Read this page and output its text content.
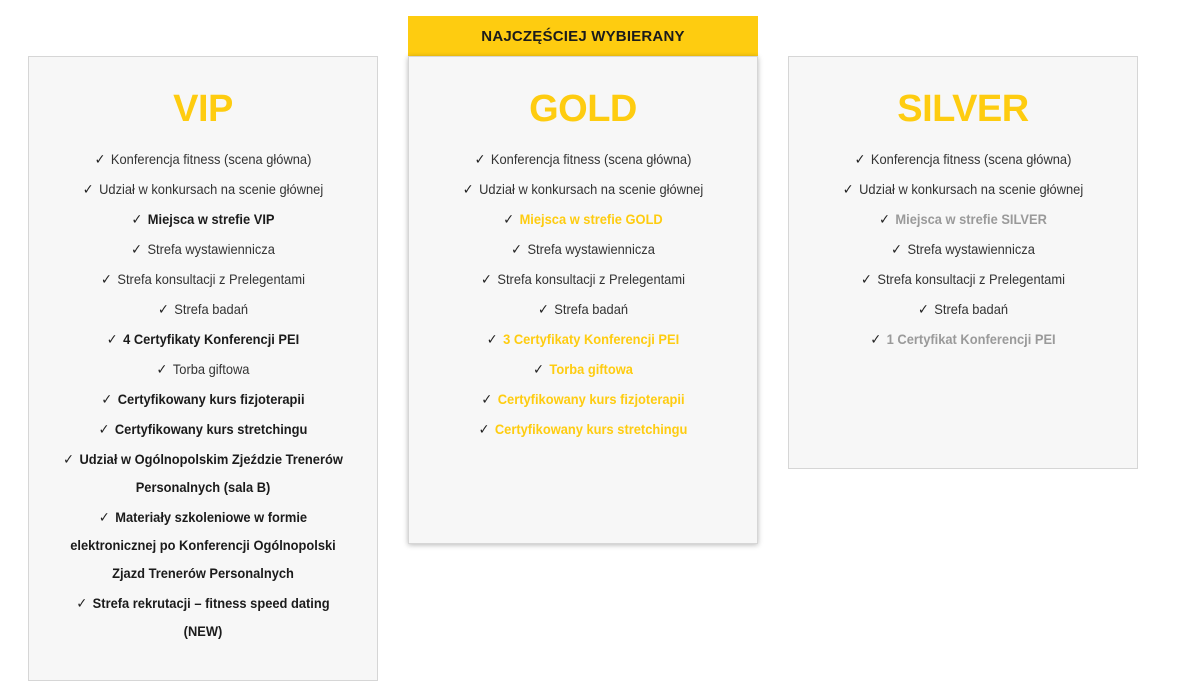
NAJCZĘŚCIEJ WYBIERANY
VIP
✓ Konferencja fitness (scena główna)
✓ Udział w konkursach na scenie głównej
✓ Miejsca w strefie VIP
✓ Strefa wystawiennicza
✓ Strefa konsultacji z Prelegentami
✓ Strefa badań
✓ 4 Certyfikaty Konferencji PEI
✓ Torba giftowa
✓ Certyfikowany kurs fizjoterapii
✓ Certyfikowany kurs stretchingu
✓ Udział w Ogólnopolskim Zjeździe Trenerów Personalnych (sala B)
✓ Materiały szkoleniowe w formie elektronicznej po Konferencji Ogólnopolski Zjazd Trenerów Personalnych
✓ Strefa rekrutacji – fitness speed dating (NEW)
GOLD
✓ Konferencja fitness (scena główna)
✓ Udział w konkursach na scenie głównej
✓ Miejsca w strefie GOLD
✓ Strefa wystawiennicza
✓ Strefa konsultacji z Prelegentami
✓ Strefa badań
✓ 3 Certyfikaty Konferencji PEI
✓ Torba giftowa
✓ Certyfikowany kurs fizjoterapii
✓ Certyfikowany kurs stretchingu
SILVER
✓ Konferencja fitness (scena główna)
✓ Udział w konkursach na scenie głównej
✓ Miejsca w strefie SILVER
✓ Strefa wystawiennicza
✓ Strefa konsultacji z Prelegentami
✓ Strefa badań
✓ 1 Certyfikat Konferencji PEI
